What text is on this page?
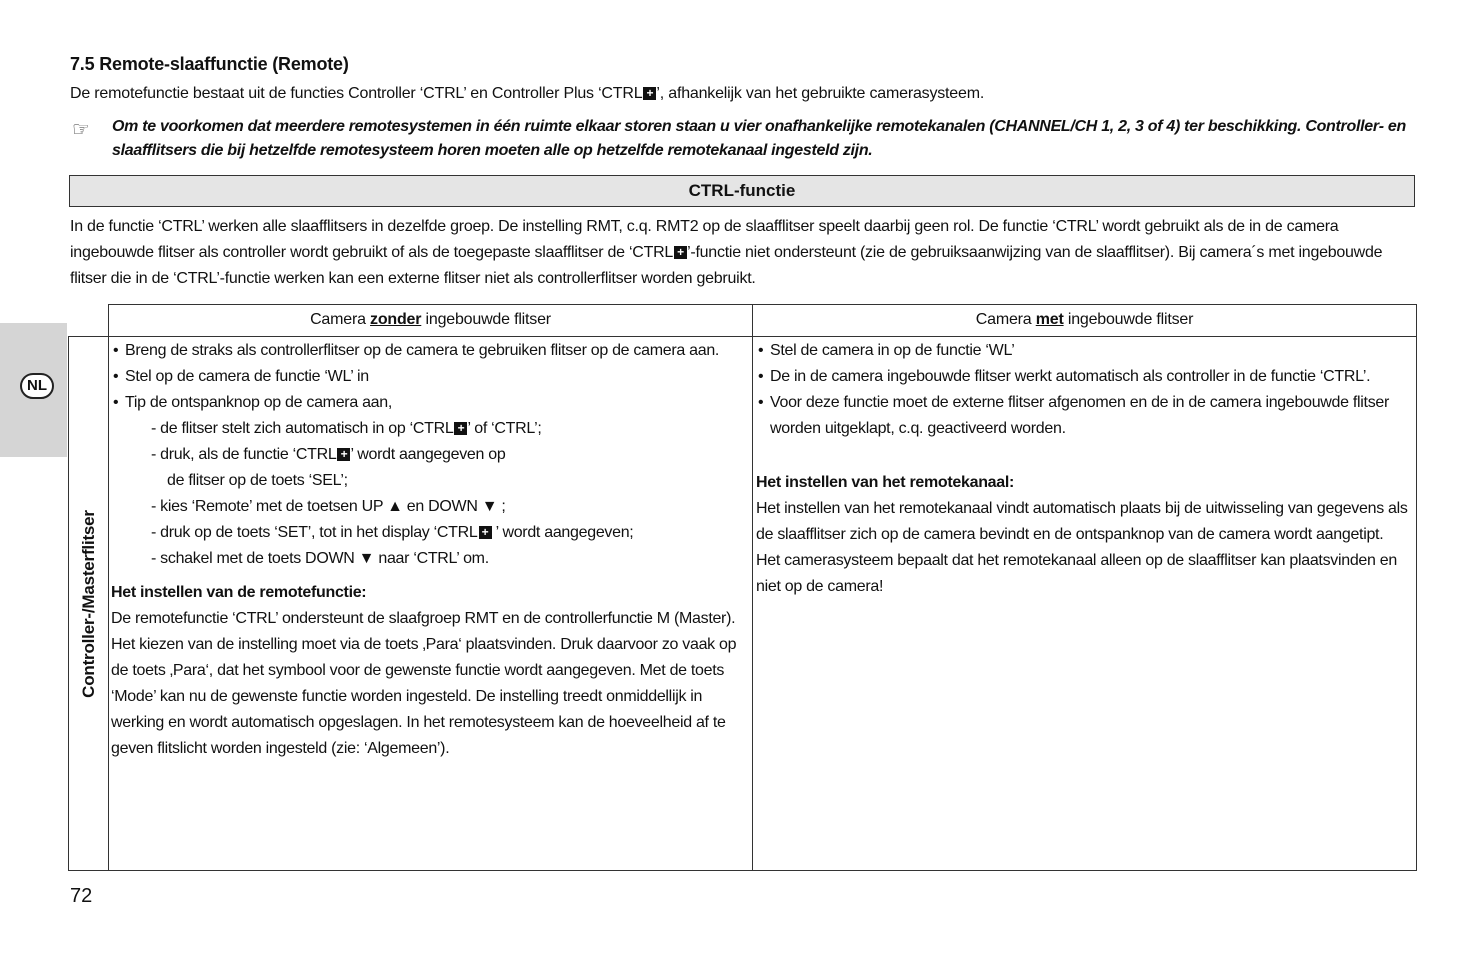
7.5 Remote-slaaffunctie (Remote)
De remotefunctie bestaat uit de functies Controller ‘CTRL’ en Controller Plus ‘CTRL + ’, afhankelijk van het gebruikte camerasysteem.
☞ Om te voorkomen dat meerdere remotesystemen in één ruimte elkaar storen staan u vier onafhankelijke remotekanalen (CHANNEL/CH 1, 2, 3 of 4) ter beschikking. Controller- en slaafflitsers die bij hetzelfde remotesysteem horen moeten alle op hetzelfde remotekanaal ingesteld zijn.
CTRL-functie
In de functie ‘CTRL’ werken alle slaafflitsers in dezelfde groep. De instelling RMT, c.q. RMT2 op de slaafflitser speelt daarbij geen rol. De functie ‘CTRL’ wordt gebruikt als de in de camera ingebouwde flitser als controller wordt gebruikt of als de toegepaste slaafflitser de ‘CTRL + ’-functie niet ondersteunt (zie de gebruiksaanwijzing van de slaafflitser). Bij camera´s met ingebouwde flitser die in de ‘CTRL’-functie werken kan een externe flitser niet als controllerflitser worden gebruikt.
NL
Camera zonder ingebouwde flitser	Camera met ingebouwde flitser
Controller-/Masterflitser
• Breng de straks als controllerflitser op de camera te gebruiken flitser op de camera aan.
• Stel op de camera de functie ‘WL’ in
• Tip de ontspanknop op de camera aan,
- de flitser stelt zich automatisch in op ‘CTRL + ’ of ‘CTRL’;
- druk, als de functie ‘CTRL + ’ wordt aangegeven op
de flitser op de toets ‘SEL’;
- kies ‘Remote’ met de toetsen UP ▲ en DOWN ▼ ;
- druk op de toets ‘SET’, tot in het display ‘CTRL + ’ wordt aangegeven;
- schakel met de toets DOWN ▼ naar ‘CTRL’ om.
Het instellen van de remotefunctie:
De remotefunctie ‘CTRL’ ondersteunt de slaafgroep RMT en de controllerfunctie M (Master). Het kiezen van de instelling moet via de toets ‚Para‘ plaatsvinden. Druk daarvoor zo vaak op de toets ‚Para‘, dat het symbool voor de gewenste functie wordt aangegeven. Met de toets ‘Mode’ kan nu de gewenste functie worden ingesteld. De instelling treedt onmiddellijk in werking en wordt automatisch opgeslagen. In het remotesysteem kan de hoeveelheid af te geven flitslicht worden ingesteld (zie: ‘Algemeen’).
• Stel de camera in op de functie ‘WL’
• De in de camera ingebouwde flitser werkt automatisch als controller in de functie ‘CTRL’.
• Voor deze functie moet de externe flitser afgenomen en de in de camera ingebouwde flitser worden uitgeklapt, c.q. geactiveerd worden.
Het instellen van het remotekanaal:
Het instellen van het remotekanaal vindt automatisch plaats bij de uitwisseling van gegevens als de slaafflitser zich op de camera bevindt en de ontspanknop van de camera wordt aangetipt. Het camerasysteem bepaalt dat het remotekanaal alleen op de slaafflitser kan plaatsvinden en niet op de camera!
72
